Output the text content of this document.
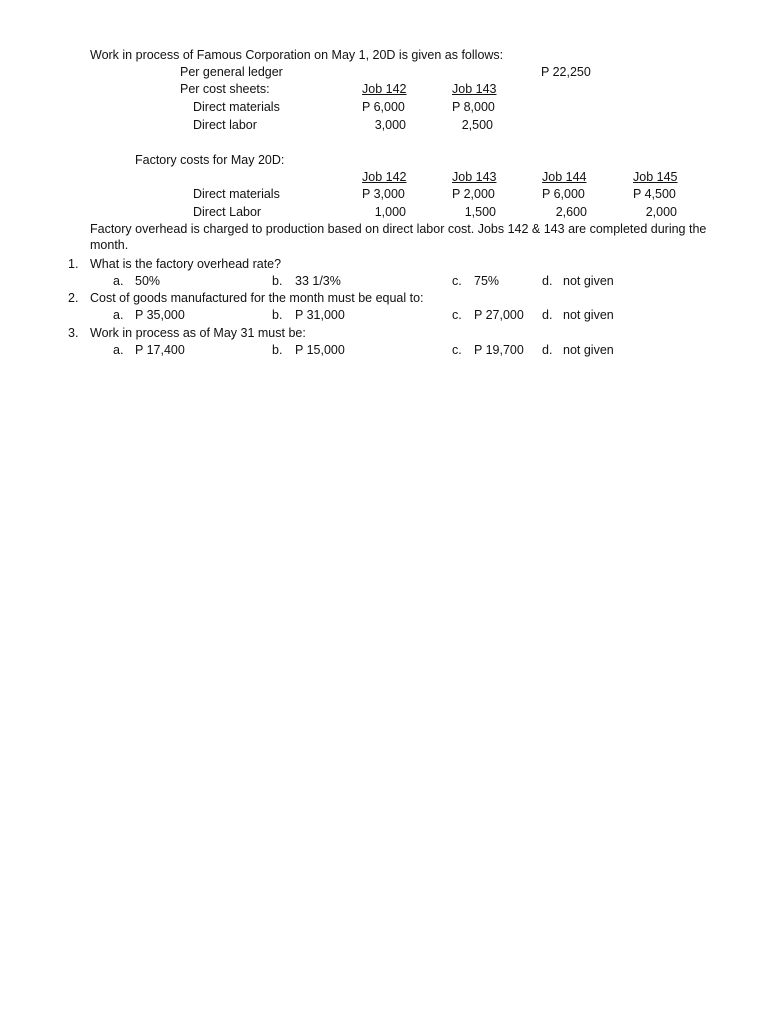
Work in process of Famous Corporation on May 1, 20D is given as follows:
Per general ledger	P 22,250
Per cost sheets:	Job 142	Job 143
Direct materials	P 6,000	P 8,000
Direct labor	3,000	2,500
Factory costs for May 20D:
Job 142	Job 143	Job 144	Job 145
Direct materials	P 3,000	P 2,000	P 6,000	P 4,500
Direct Labor	1,000	1,500	2,600	2,000
Factory overhead is charged to production based on direct labor cost. Jobs 142 & 143 are completed during the month.
1. What is the factory overhead rate?
a. 50%	b. 33 1/3%	c. 75%	d. not given
2. Cost of goods manufactured for the month must be equal to:
a. P 35,000	b. P 31,000	c. P 27,000 d. not given
3. Work in process as of May 31 must be:
a. P 17,400	b. P 15,000	c. P 19,700 d. not given
